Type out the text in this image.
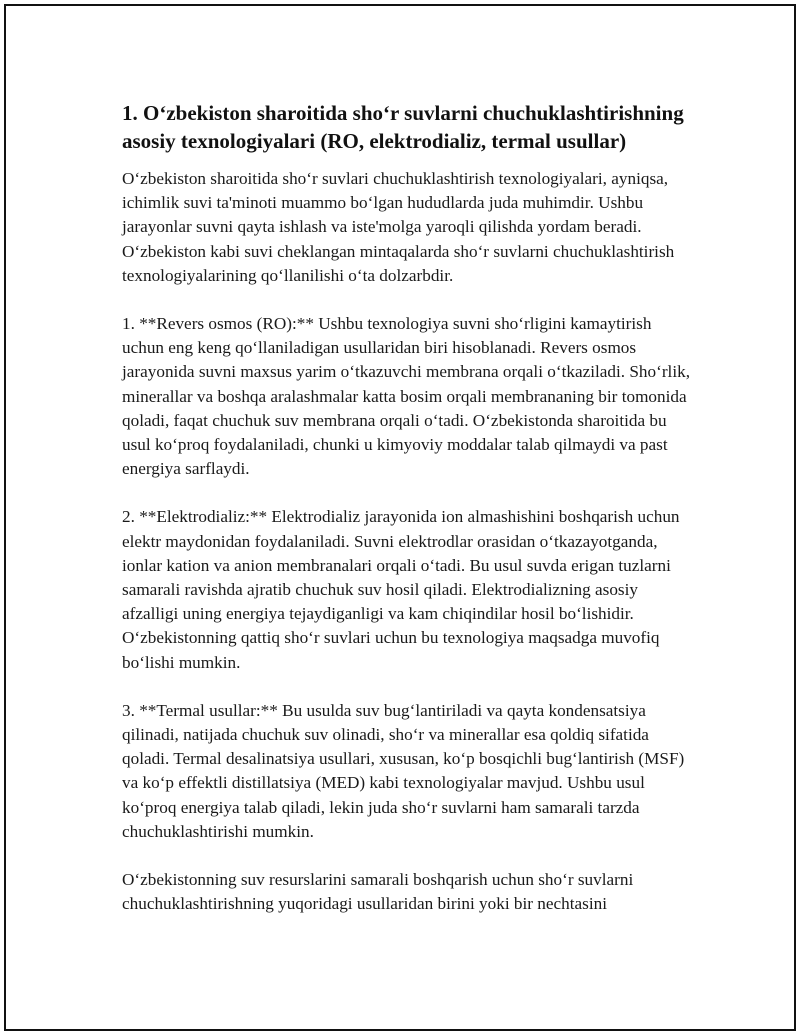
1. O‘zbekiston sharoitida sho‘r suvlarni chuchuklashtirishning asosiy texnologiyalari (RO, elektrodializ, termal usullar)

O‘zbekiston sharoitida sho‘r suvlari chuchuklashtirish texnologiyalari, ayniqsa, ichimlik suvi ta'minoti muammo bo‘lgan hududlarda juda muhimdir. Ushbu jarayonlar suvni qayta ishlash va iste'molga yaroqli qilishda yordam beradi. O‘zbekiston kabi suvi cheklangan mintaqalarda sho‘r suvlarni chuchuklashtirish texnologiyalarining qo‘llanilishi o‘ta dolzarbdir.

1. **Revers osmos (RO):** Ushbu texnologiya suvni sho‘rligini kamaytirish uchun eng keng qo‘llaniladigan usullaridan biri hisoblanadi. Revers osmos jarayonida suvni maxsus yarim o‘tkazuvchi membrana orqali o‘tkaziladi. Sho‘rlik, minerallar va boshqa aralashmalar katta bosim orqali membrananing bir tomonida qoladi, faqat chuchuk suv membrana orqali o‘tadi. O‘zbekistonda sharoitida bu usul ko‘proq foydalaniladi, chunki u kimyoviy moddalar talab qilmaydi va past energiya sarflaydi.

2. **Elektrodializ:** Elektrodializ jarayonida ion almashishini boshqarish uchun elektr maydonidan foydalaniladi. Suvni elektrodlar orasidan o‘tkazayotganda, ionlar kation va anion membranalari orqali o‘tadi. Bu usul suvda erigan tuzlarni samarali ravishda ajratib chuchuk suv hosil qiladi. Elektrodializning asosiy afzalligi uning energiya tejaydiganligi va kam chiqindilar hosil bo‘lishidir. O‘zbekistonning qattiq sho‘r suvlari uchun bu texnologiya maqsadga muvofiq bo‘lishi mumkin.

3. **Termal usullar:** Bu usulda suv bug‘lantiriladi va qayta kondensatsiya qilinadi, natijada chuchuk suv olinadi, sho‘r va minerallar esa qoldiq sifatida qoladi. Termal desalinatsiya usullari, xususan, ko‘p bosqichli bug‘lantirish (MSF) va ko‘p effektli distillatsiya (MED) kabi texnologiyalar mavjud. Ushbu usul ko‘proq energiya talab qiladi, lekin juda sho‘r suvlarni ham samarali tarzda chuchuklashtirishi mumkin.

O‘zbekistonning suv resurslarini samarali boshqarish uchun sho‘r suvlarni chuchuklashtirishning yuqoridagi usullaridan birini yoki bir nechtasini
